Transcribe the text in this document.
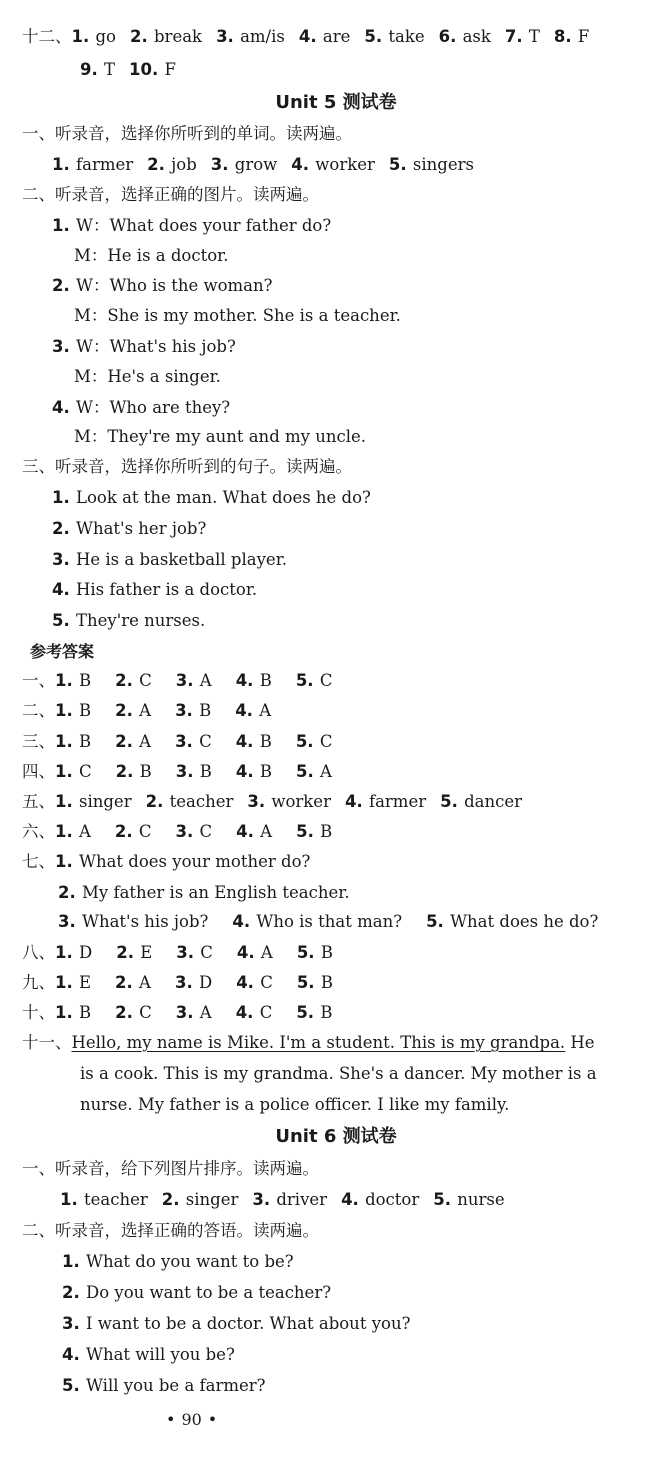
十二、1. go 2. break 3. am/is 4. are 5. take 6. ask 7. T 8. F
9. T 10. F
Unit 5 测试卷
一、听录音，选择你所听到的单词。读两遍。
1. farmer 2. job 3. grow 4. worker 5. singers
二、听录音，选择正确的图片。读两遍。
1. W：What does your father do?
M：He is a doctor.
2. W：Who is the woman?
M：She is my mother. She is a teacher.
3. W：What's his job?
M：He's a singer.
4. W：Who are they?
M：They're my aunt and my uncle.
三、听录音，选择你所听到的句子。读两遍。
1. Look at the man. What does he do?
2. What's her job?
3. He is a basketball player.
4. His father is a doctor.
5. They're nurses.
参考答案
一、1. B 2. C 3. A 4. B 5. C
二、1. B 2. A 3. B 4. A
三、1. B 2. A 3. C 4. B 5. C
四、1. C 2. B 3. B 4. B 5. A
五、1. singer 2. teacher 3. worker 4. farmer 5. dancer
六、1. A 2. C 3. C 4. A 5. B
七、1. What does your mother do?
2. My father is an English teacher.
3. What's his job? 4. Who is that man? 5. What does he do?
八、1. D 2. E 3. C 4. A 5. B
九、1. E 2. A 3. D 4. C 5. B
十、1. B 2. C 3. A 4. C 5. B
十一、Hello, my name is Mike. I'm a student. This is my grandpa. He
is a cook. This is my grandma. She's a dancer. My mother is a
nurse. My father is a police officer. I like my family.
Unit 6 测试卷
一、听录音，给下列图片排序。读两遍。
1. teacher 2. singer 3. driver 4. doctor 5. nurse
二、听录音，选择正确的答语。读两遍。
1. What do you want to be?
2. Do you want to be a teacher?
3. I want to be a doctor. What about you?
4. What will you be?
5. Will you be a farmer?
• 90 •
